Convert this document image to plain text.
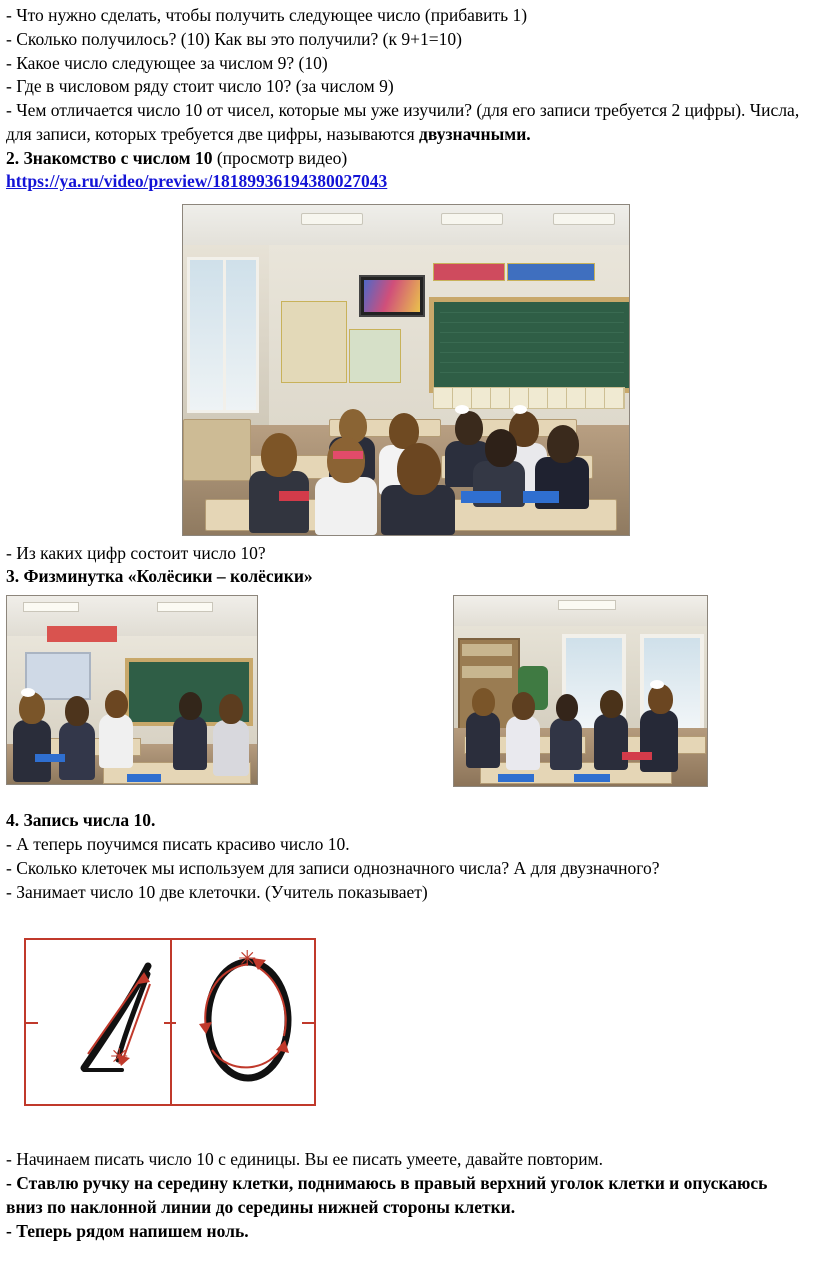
- Что нужно сделать, чтобы получить следующее число (прибавить 1)
- Сколько получилось? (10) Как вы это получили? (к 9+1=10)
- Какое число следующее за числом 9? (10)
- Где в числовом ряду стоит число 10? (за числом 9)
- Чем отличается число 10 от чисел, которые мы уже изучили? (для его записи требуется 2 цифры). Числа, для записи, которых требуется две цифры, называются двузначными.
2. Знакомство с числом 10 (просмотр видео)
https://ya.ru/video/preview/18189936194380027043
- Из каких цифр состоит число 10?
3. Физминутка «Колёсики – колёсики»
4. Запись числа 10.
- А теперь поучимся писать красиво число 10.
- Сколько клеточек мы используем для записи однозначного числа? А для двузначного?
- Занимает число 10 две клеточки. (Учитель показывает)
✳
✳
- Начинаем писать число 10 с единицы. Вы ее писать умеете, давайте повторим.
- Ставлю ручку на середину клетки, поднимаюсь в правый верхний уголок клетки и опускаюсь вниз по наклонной линии до середины нижней стороны клетки.
- Теперь рядом напишем ноль.
